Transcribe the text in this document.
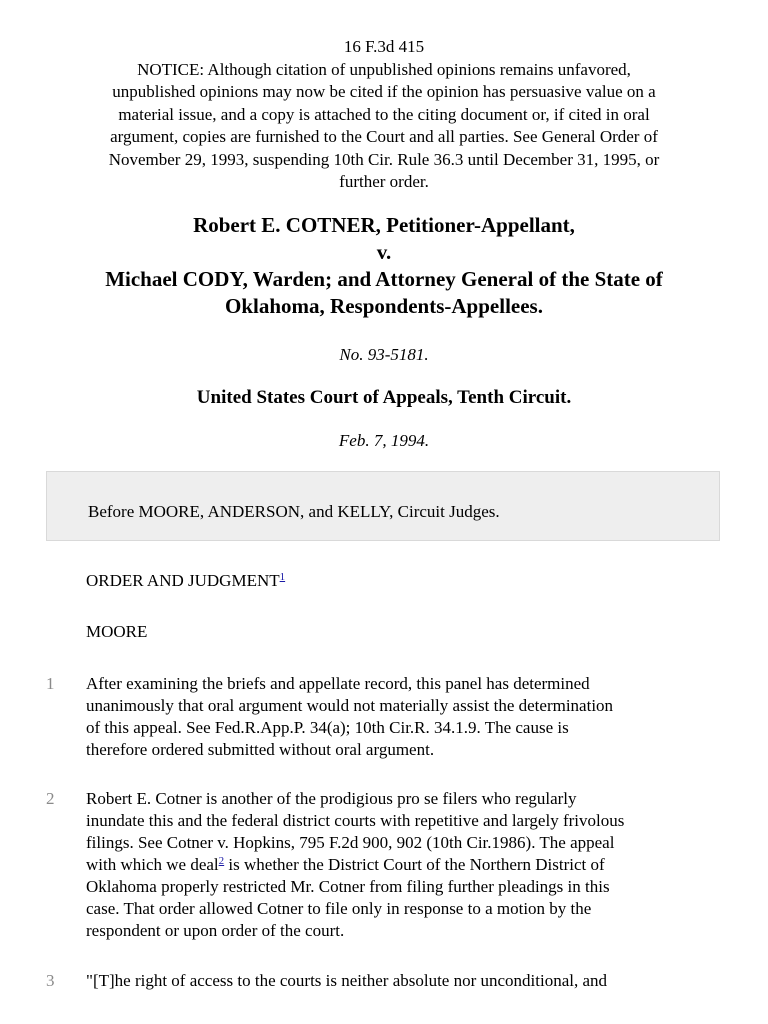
16 F.3d 415
NOTICE: Although citation of unpublished opinions remains unfavored,
unpublished opinions may now be cited if the opinion has persuasive value on a
material issue, and a copy is attached to the citing document or, if cited in oral
argument, copies are furnished to the Court and all parties. See General Order of
November 29, 1993, suspending 10th Cir. Rule 36.3 until December 31, 1995, or
further order.
Robert E. COTNER, Petitioner-Appellant,
v.
Michael CODY, Warden; and Attorney General of the State of
Oklahoma, Respondents-Appellees.
No. 93-5181.
United States Court of Appeals, Tenth Circuit.
Feb. 7, 1994.
Before MOORE, ANDERSON, and KELLY, Circuit Judges.
ORDER AND JUDGMENT$^1$
MOORE
1 After examining the briefs and appellate record, this panel has determined
unanimously that oral argument would not materially assist the determination
of this appeal. See Fed.R.App.P. 34(a); 10th Cir.R. 34.1.9. The cause is
therefore ordered submitted without oral argument.
2 Robert E. Cotner is another of the prodigious pro se filers who regularly
inundate this and the federal district courts with repetitive and largely frivolous
filings. See Cotner v. Hopkins, 795 F.2d 900, 902 (10th Cir.1986). The appeal
with which we deal$^2$ is whether the District Court of the Northern District of
Oklahoma properly restricted Mr. Cotner from filing further pleadings in this
case. That order allowed Cotner to file only in response to a motion by the
respondent or upon order of the court.
3 "[T]he right of access to the courts is neither absolute nor unconditional, and
